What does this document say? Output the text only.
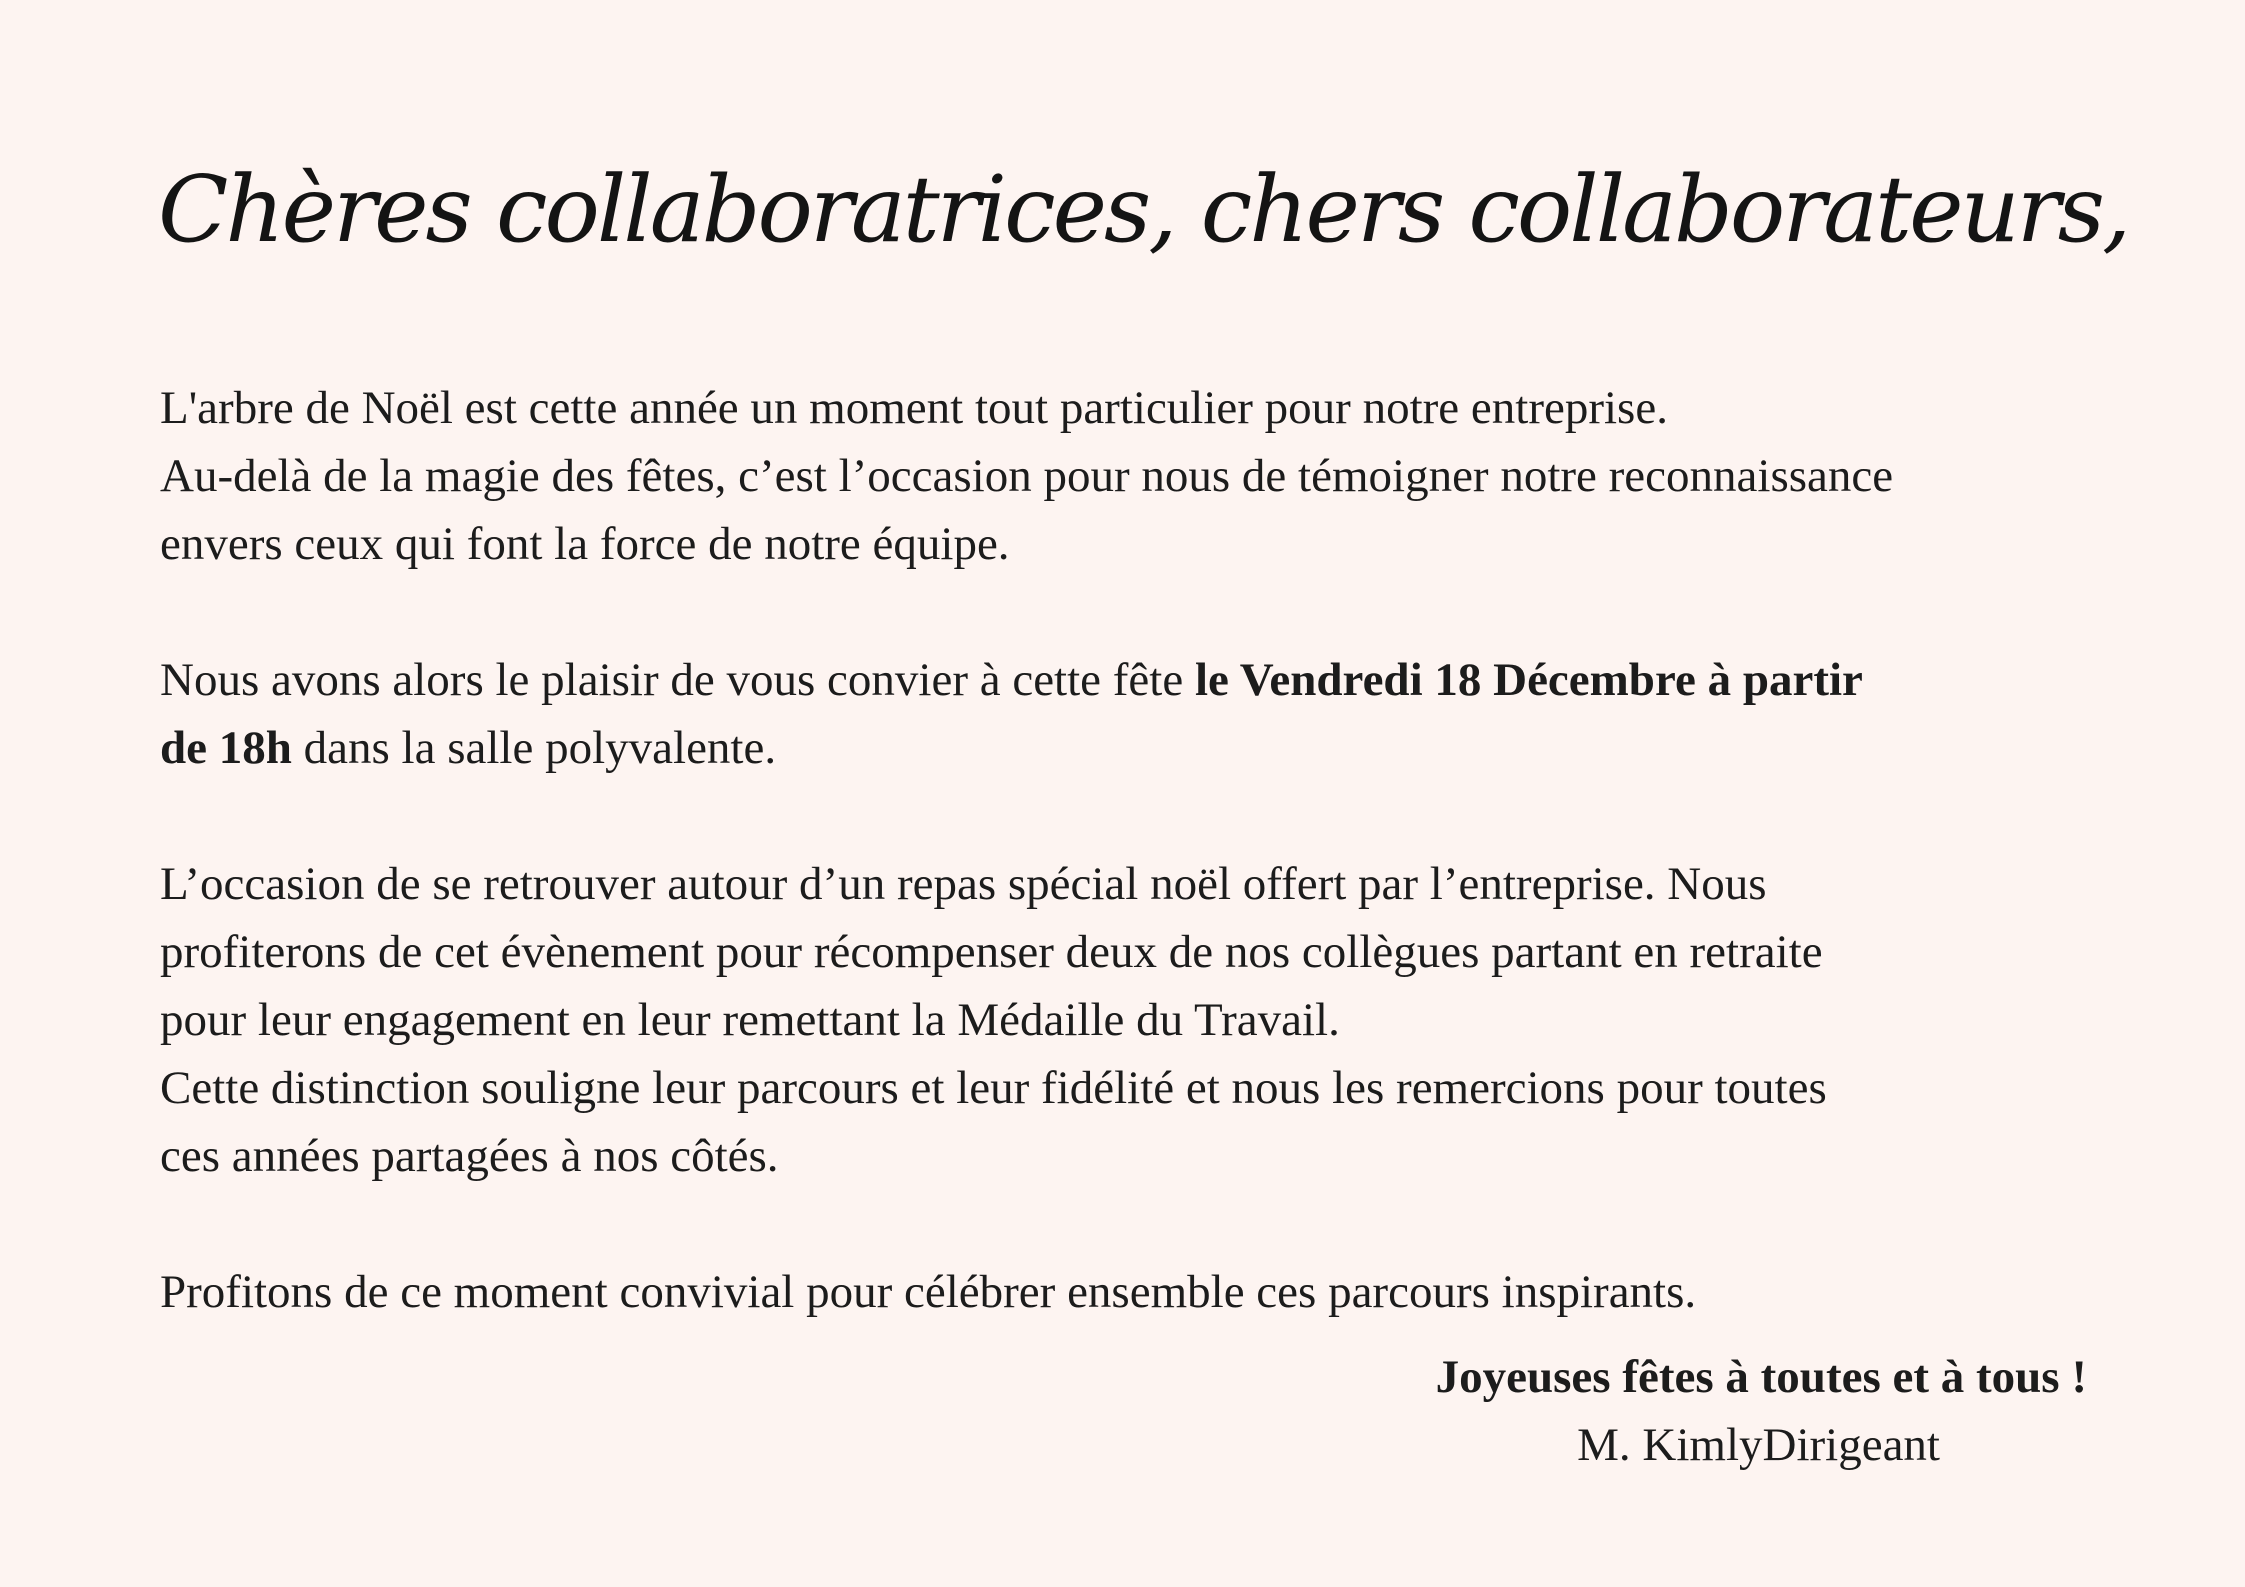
Chères collaboratrices, chers collaborateurs,

L'arbre de Noël est cette année un moment tout particulier pour notre entreprise.
Au-delà de la magie des fêtes, c’est l’occasion pour nous de témoigner notre reconnaissance
envers ceux qui font la force de notre équipe.

Nous avons alors le plaisir de vous convier à cette fête le Vendredi 18 Décembre à partir
de 18h dans la salle polyvalente.

L’occasion de se retrouver autour d’un repas spécial noël offert par l’entreprise. Nous
profiterons de cet évènement pour récompenser deux de nos collègues partant en retraite
pour leur engagement en leur remettant la Médaille du Travail.
Cette distinction souligne leur parcours et leur fidélité et nous les remercions pour toutes
ces années partagées à nos côtés.

Profitons de ce moment convivial pour célébrer ensemble ces parcours inspirants.

Joyeuses fêtes à toutes et à tous !
M. KimlyDirigeant
